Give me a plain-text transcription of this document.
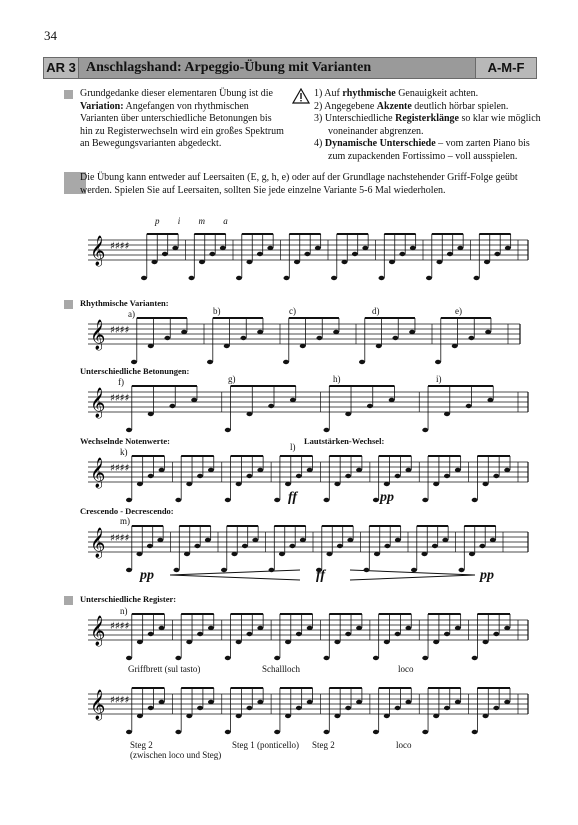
34
AR 3 Anschlagshand: Arpeggio-Übung mit Varianten	A-M-F
Grundgedanke dieser elementaren Übung ist die Variation: Angefangen von rhythmischen Varianten über unterschiedliche Betonungen bis hin zu Registerwechseln wird ein großes Spektrum an Bewegungsvarianten abgedeckt.
1) Auf rhythmische Genauigkeit achten.
2) Angegebene Akzente deutlich hörbar spielen.
3) Unterschiedliche Registerklänge so klar wie möglich voneinander abgrenzen.
4) Dynamische Unterschiede – vom zarten Piano bis zum zupackenden Fortissimo – voll ausspielen.
Die Übung kann entweder auf Leersaiten (E, g, h, e) oder auf der Grundlage nachstehender Griff-Folge geübt werden. Spielen Sie auf Leersaiten, sollten Sie jede einzelne Variante 5-6 Mal wiederholen.
p i m a
𝄞 ♯♯♯♯
Rhythmische Varianten:
a)	b)	c)	d)	e)
𝄞 ♯♯♯♯
Unterschiedliche Betonungen:
f)	g)	h)	i)
𝄞 ♯♯♯♯
Wechselnde Notenwerte:	Lautstärken-Wechsel:
k)	l)
𝄞 ♯♯♯♯
ff	pp
Crescendo - Decrescendo:
m)
𝄞 ♯♯♯♯
pp	ff	pp
Unterschiedliche Register:
n)
𝄞 ♯♯♯♯
Griffbrett (sul tasto)	Schallloch	loco
𝄞 ♯♯♯♯
Steg 2
(zwischen loco und Steg)
Steg 1 (ponticello) Steg 2	loco
